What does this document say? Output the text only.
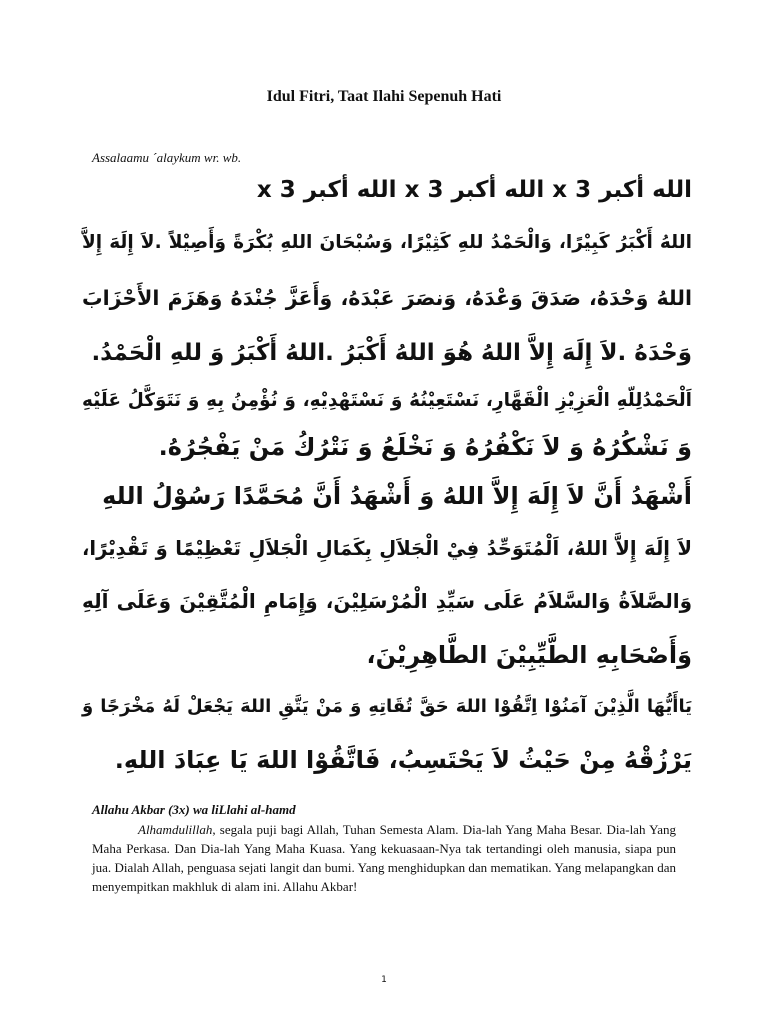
Idul Fitri, Taat Ilahi Sepenuh Hati
Assalaamu ´alaykum wr. wb.
الله أكبر 3 x الله أكبر 3 x الله أكبر 3 x
اللهُ أَكْبَرُ كَبِيْرًا، وَالْحَمْدُ للهِ كَثِيْرًا، وَسُبْحَانَ اللهِ بُكْرَةً وَأَصِيْلاً .لاَ إِلَهَ إِلاَّ
اللهُ وَحْدَهُ، صَدَقَ وَعْدَهُ، وَنصَرَ عَبْدَهُ، وَأَعَزَّ جُنْدَهُ وَهَزَمَ الأَحْزَابَ
وَحْدَهُ .لاَ إِلَهَ إِلاَّ اللهُ هُوَ اللهُ أَكْبَرُ .اللهُ أَكْبَرُ وَ للهِ الْحَمْدُ.
اَلْحَمْدُلِلّهِ الْعَزِيْزِ الْقَهَّارِ، نَسْتَعِيْنُهُ وَ نَسْتَهْدِيْهِ، وَ نُؤْمِنُ بِهِ وَ نَتَوَكَّلُ عَلَيْهِ
وَ نَشْكُرُهُ وَ لاَ نَكْفُرُهُ وَ نَخْلَعُ وَ نَتْرُكُ مَنْ يَفْجُرُهُ.
أَشْهَدُ أَنَّ لاَ إِلَهَ إِلاَّ اللهُ وَ أَشْهَدُ أَنَّ مُحَمَّدًا رَسُوْلُ اللهِ
لاَ إِلَهَ إِلاَّ اللهُ، اَلْمُتَوَحِّدُ فِيْ الْجَلاَلِ بِكَمَالِ الْجَلاَلِ تَعْظِيْمًا وَ تَقْدِيْرًا،
وَالصَّلاَةُ وَالسَّلاَمُ عَلَى سَيِّدِ الْمُرْسَلِيْنَ، وَإِمَامِ الْمُتَّقِيْنَ وَعَلَى آلِهِ
وَأَصْحَابِهِ الطَّيِّبِيْنَ الطَّاهِرِيْنَ،
يَاأَيُّهَا الَّذِيْنَ آمَنُوْا اِتَّقُوْا اللهَ حَقَّ تُقَاتِهِ وَ مَنْ يَتَّقِ اللهَ يَجْعَلْ لَهُ مَخْرَجًا وَ
يَرْزُقْهُ مِنْ حَيْثُ لاَ يَحْتَسِبُ، فَاتَّقُوْا اللهَ يَا عِبَادَ اللهِ.
Allahu Akbar (3x) wa liLlahi al-hamd

Alhamdulillah, segala puji bagi Allah, Tuhan Semesta Alam. Dia-lah Yang Maha Besar. Dia-lah Yang Maha Perkasa. Dan Dia-lah Yang Maha Kuasa. Yang kekuasaan-Nya tak tertandingi oleh manusia, siapa pun jua. Dialah Allah, penguasa sejati langit dan bumi. Yang menghidupkan dan mematikan. Yang melapangkan dan menyempitkan makhluk di alam ini. Allahu Akbar!

1
